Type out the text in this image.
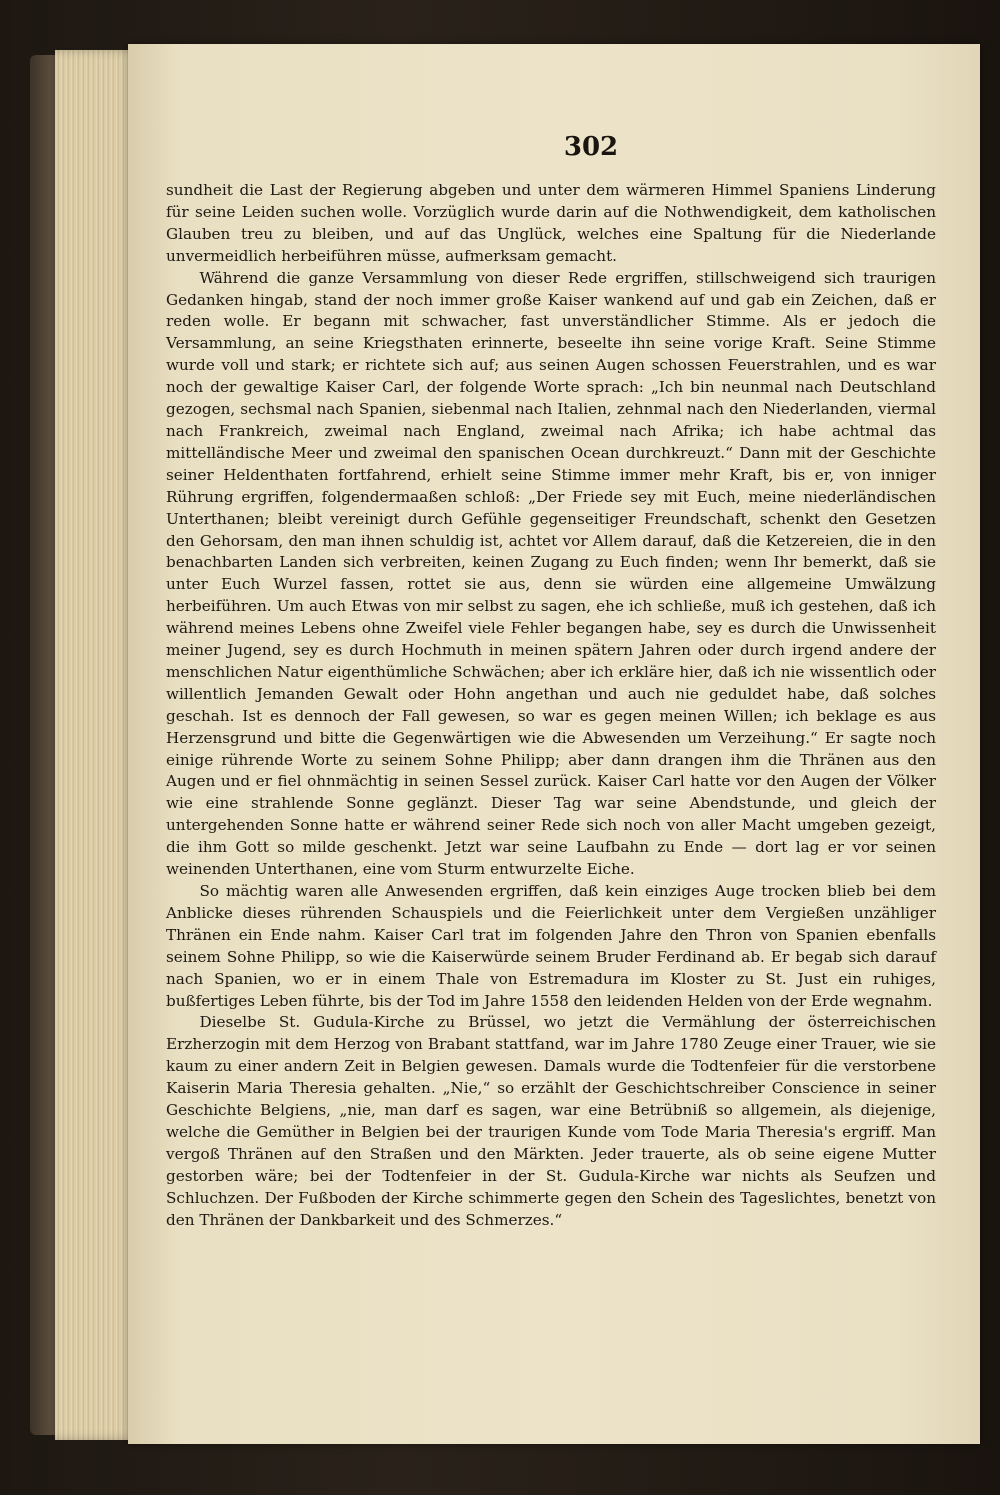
302

sundheit die Last der Regierung abgeben und unter dem wärmeren Himmel Spaniens Linderung für seine Leiden suchen wolle. Vorzüglich wurde darin auf die Nothwendigkeit, dem katholischen Glauben treu zu bleiben, und auf das Unglück, welches eine Spaltung für die Niederlande unvermeidlich herbeiführen müsse, aufmerksam gemacht.

Während die ganze Versammlung von dieser Rede ergriffen, stillschweigend sich traurigen Gedanken hingab, stand der noch immer große Kaiser wankend auf und gab ein Zeichen, daß er reden wolle. Er begann mit schwacher, fast unverständlicher Stimme. Als er jedoch die Versammlung, an seine Kriegsthaten erinnerte, beseelte ihn seine vorige Kraft. Seine Stimme wurde voll und stark; er richtete sich auf; aus seinen Augen schossen Feuerstrahlen, und es war noch der gewaltige Kaiser Carl, der folgende Worte sprach: „Ich bin neunmal nach Deutschland gezogen, sechsmal nach Spanien, siebenmal nach Italien, zehnmal nach den Niederlanden, viermal nach Frankreich, zweimal nach England, zweimal nach Afrika; ich habe achtmal das mittelländische Meer und zweimal den spanischen Ocean durchkreuzt.“ Dann mit der Geschichte seiner Heldenthaten fortfahrend, erhielt seine Stimme immer mehr Kraft, bis er, von inniger Rührung ergriffen, folgendermaaßen schloß: „Der Friede sey mit Euch, meine niederländischen Unterthanen; bleibt vereinigt durch Gefühle gegenseitiger Freundschaft, schenkt den Gesetzen den Gehorsam, den man ihnen schuldig ist, achtet vor Allem darauf, daß die Ketzereien, die in den benachbarten Landen sich verbreiten, keinen Zugang zu Euch finden; wenn Ihr bemerkt, daß sie unter Euch Wurzel fassen, rottet sie aus, denn sie würden eine allgemeine Umwälzung herbeiführen. Um auch Etwas von mir selbst zu sagen, ehe ich schließe, muß ich gestehen, daß ich während meines Lebens ohne Zweifel viele Fehler begangen habe, sey es durch die Unwissenheit meiner Jugend, sey es durch Hochmuth in meinen spätern Jahren oder durch irgend andere der menschlichen Natur eigenthümliche Schwächen; aber ich erkläre hier, daß ich nie wissentlich oder willentlich Jemanden Gewalt oder Hohn angethan und auch nie geduldet habe, daß solches geschah. Ist es dennoch der Fall gewesen, so war es gegen meinen Willen; ich beklage es aus Herzensgrund und bitte die Gegenwärtigen wie die Abwesenden um Verzeihung.“ Er sagte noch einige rührende Worte zu seinem Sohne Philipp; aber dann drangen ihm die Thränen aus den Augen und er fiel ohnmächtig in seinen Sessel zurück. Kaiser Carl hatte vor den Augen der Völker wie eine strahlende Sonne geglänzt. Dieser Tag war seine Abendstunde, und gleich der untergehenden Sonne hatte er während seiner Rede sich noch von aller Macht umgeben gezeigt, die ihm Gott so milde geschenkt. Jetzt war seine Laufbahn zu Ende — dort lag er vor seinen weinenden Unterthanen, eine vom Sturm entwurzelte Eiche.

So mächtig waren alle Anwesenden ergriffen, daß kein einziges Auge trocken blieb bei dem Anblicke dieses rührenden Schauspiels und die Feierlichkeit unter dem Vergießen unzähliger Thränen ein Ende nahm. Kaiser Carl trat im folgenden Jahre den Thron von Spanien ebenfalls seinem Sohne Philipp, so wie die Kaiserwürde seinem Bruder Ferdinand ab. Er begab sich darauf nach Spanien, wo er in einem Thale von Estremadura im Kloster zu St. Just ein ruhiges, bußfertiges Leben führte, bis der Tod im Jahre 1558 den leidenden Helden von der Erde wegnahm.

Dieselbe St. Gudula-Kirche zu Brüssel, wo jetzt die Vermählung der österreichischen Erzherzogin mit dem Herzog von Brabant stattfand, war im Jahre 1780 Zeuge einer Trauer, wie sie kaum zu einer andern Zeit in Belgien gewesen. Damals wurde die Todtenfeier für die verstorbene Kaiserin Maria Theresia gehalten. „Nie,“ so erzählt der Geschichtschreiber Conscience in seiner Geschichte Belgiens, „nie, man darf es sagen, war eine Betrübniß so allgemein, als diejenige, welche die Gemüther in Belgien bei der traurigen Kunde vom Tode Maria Theresia's ergriff. Man vergoß Thränen auf den Straßen und den Märkten. Jeder trauerte, als ob seine eigene Mutter gestorben wäre; bei der Todtenfeier in der St. Gudula-Kirche war nichts als Seufzen und Schluchzen. Der Fußboden der Kirche schimmerte gegen den Schein des Tageslichtes, benetzt von den Thränen der Dankbarkeit und des Schmerzes.“
